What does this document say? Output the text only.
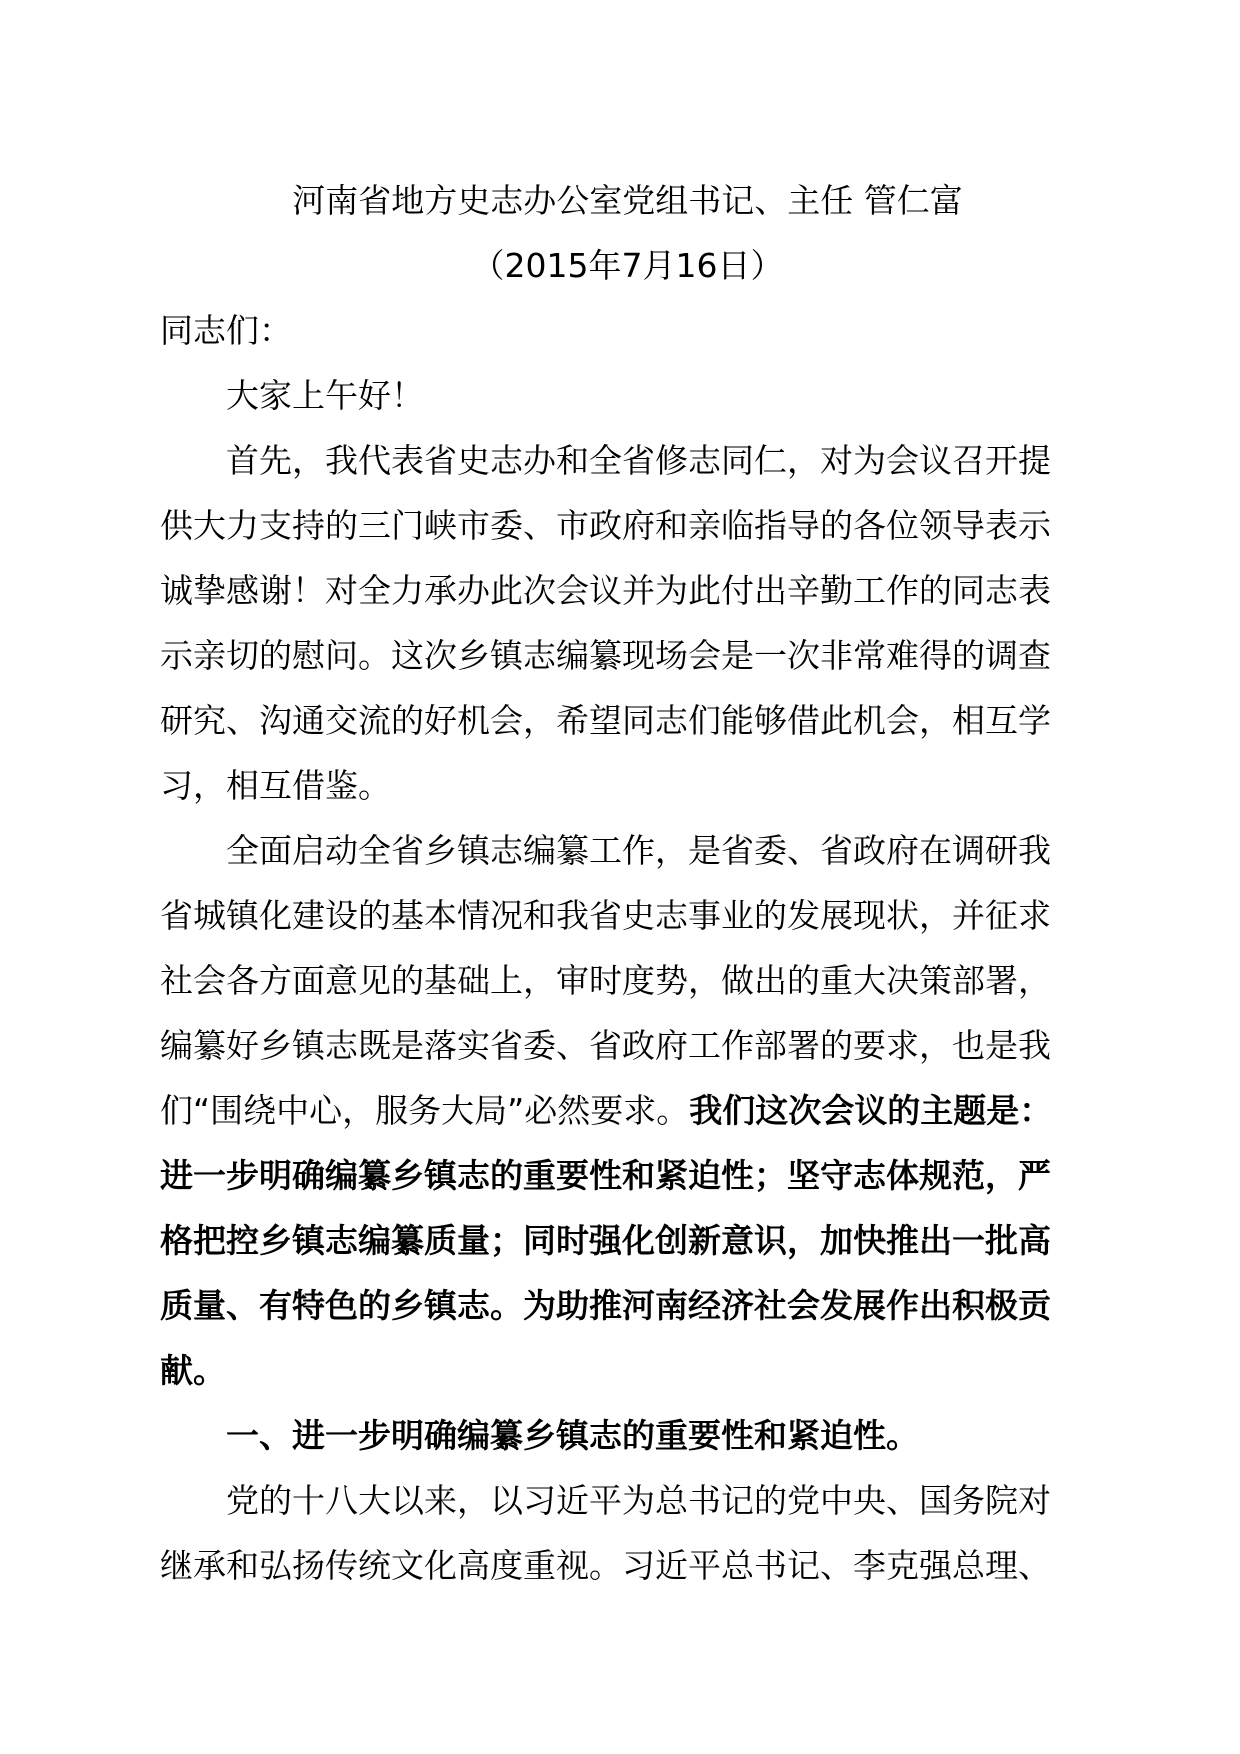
河南省地方史志办公室党组书记、主任 管仁富
（2015年7月16日）
同志们：
大家上午好！
首先，我代表省史志办和全省修志同仁，对为会议召开提
供大力支持的三门峡市委、市政府和亲临指导的各位领导表示
诚挚感谢！对全力承办此次会议并为此付出辛勤工作的同志表
示亲切的慰问。这次乡镇志编纂现场会是一次非常难得的调查
研究、沟通交流的好机会，希望同志们能够借此机会，相互学
习，相互借鉴。
全面启动全省乡镇志编纂工作，是省委、省政府在调研我
省城镇化建设的基本情况和我省史志事业的发展现状，并征求
社会各方面意见的基础上，审时度势，做出的重大决策部署，
编纂好乡镇志既是落实省委、省政府工作部署的要求，也是我
们“围绕中心，服务大局”必然要求。我们这次会议的主题是：
进一步明确编纂乡镇志的重要性和紧迫性；坚守志体规范，严
格把控乡镇志编纂质量；同时强化创新意识，加快推出一批高
质量、有特色的乡镇志。为助推河南经济社会发展作出积极贡
献。
一、进一步明确编纂乡镇志的重要性和紧迫性。
党的十八大以来，以习近平为总书记的党中央、国务院对
继承和弘扬传统文化高度重视。习近平总书记、李克强总理、
